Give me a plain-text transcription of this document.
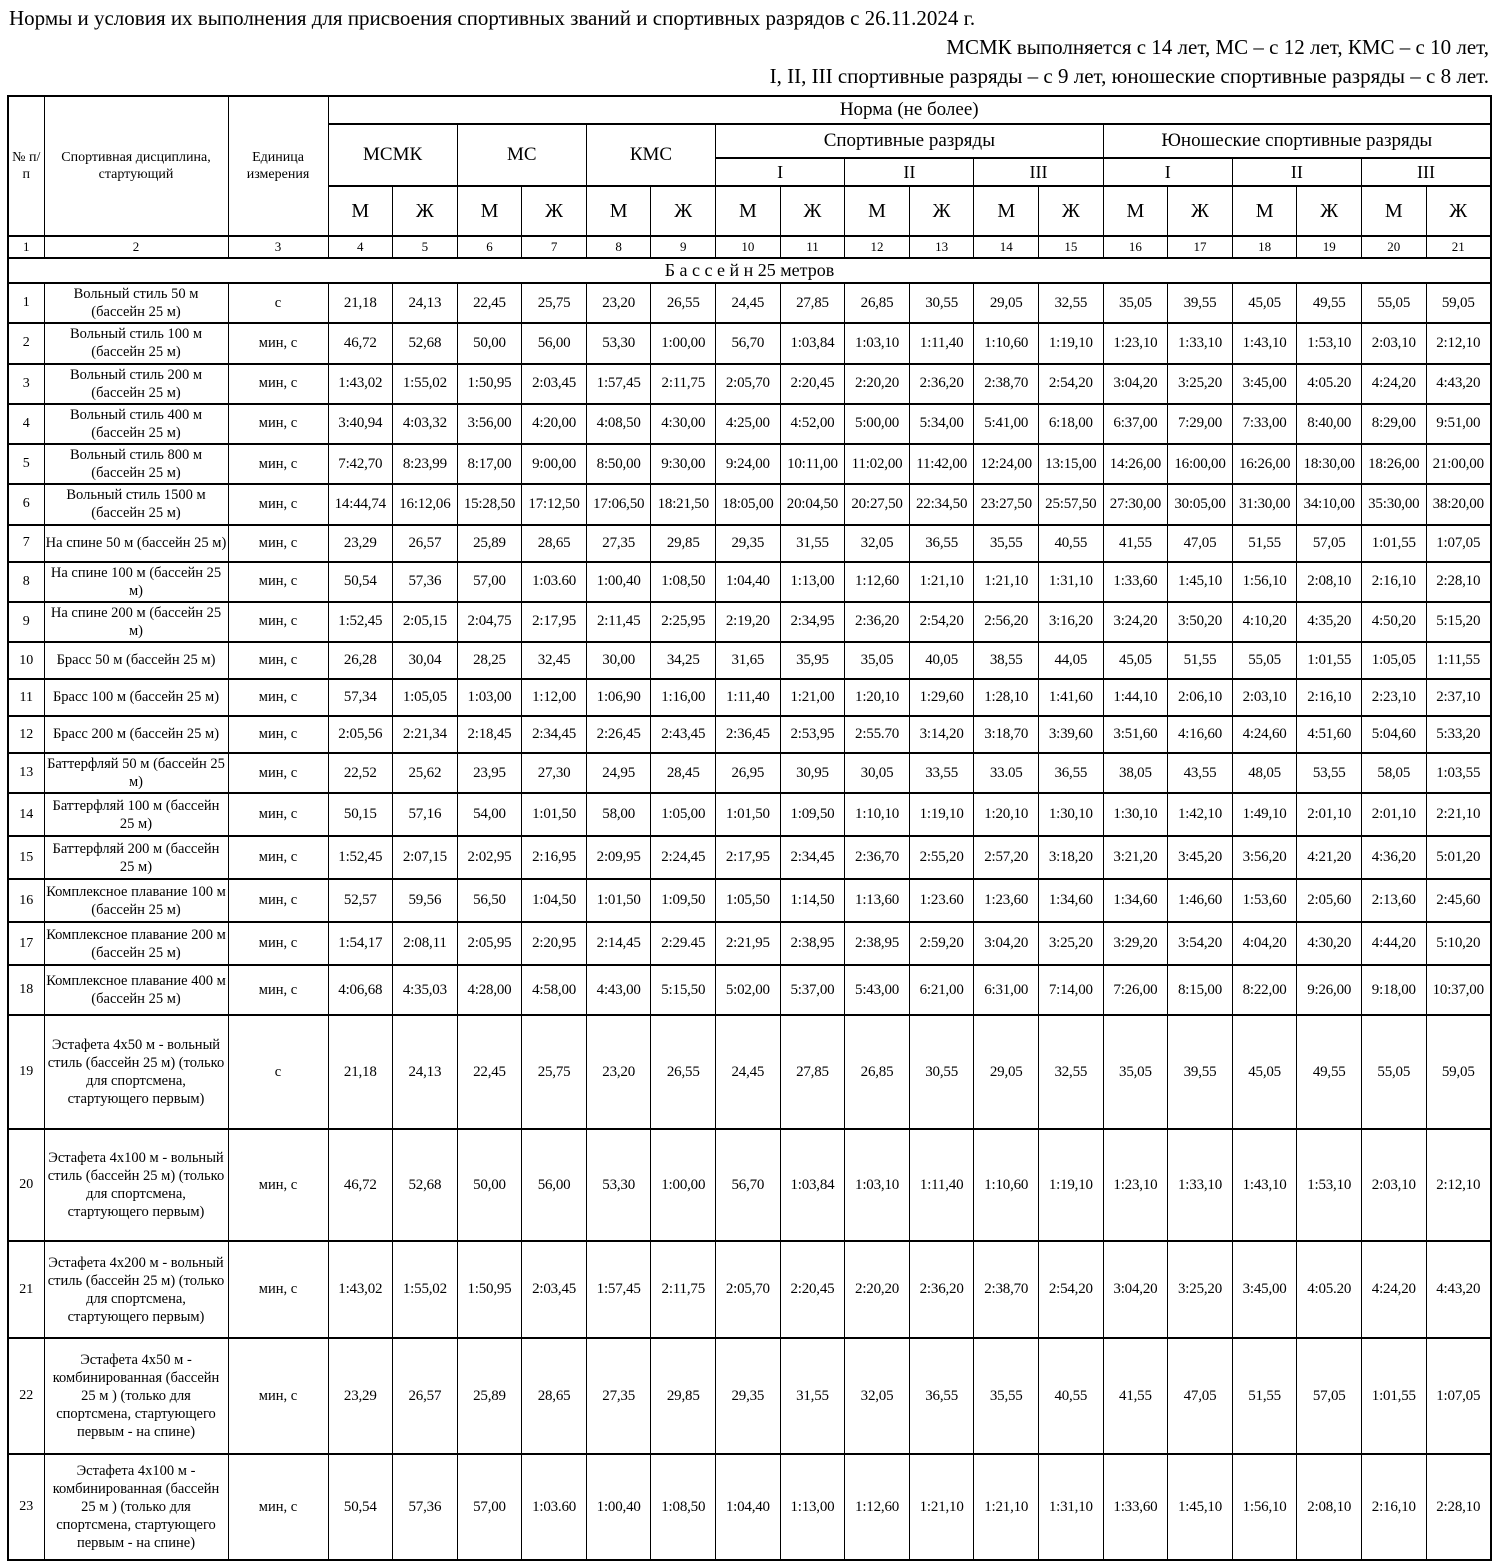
Нормы и условия их выполнения для присвоения спортивных званий и спортивных разрядов с 26.11.2024 г.
МСМК выполняется с 14 лет, МС – с 12 лет, КМС – с 10 лет,
I, II, III спортивные разряды – с 9 лет, юношеские спортивные разряды – с 8 лет.
№ п/п	Спортивная дисциплина, стартующий	Единица измерения	Норма (не более)																	
			МСМК		МС		КМС		Спортивные разряды						Юношеские спортивные разряды					
									I		II		III		I		II		III	
			М	Ж	М	Ж	М	Ж	М	Ж	М	Ж	М	Ж	М	Ж	М	Ж	М	Ж
1	2	3	4	5	6	7	8	9	10	11	12	13	14	15	16	17	18	19	20	21
Б а с с е й н 25 метров																				
1	Вольный стиль 50 м (бассейн 25 м)	с	21,18	24,13	22,45	25,75	23,20	26,55	24,45	27,85	26,85	30,55	29,05	32,55	35,05	39,55	45,05	49,55	55,05	59,05
2	Вольный стиль 100 м (бассейн 25 м)	мин, с	46,72	52,68	50,00	56,00	53,30	1:00,00	56,70	1:03,84	1:03,10	1:11,40	1:10,60	1:19,10	1:23,10	1:33,10	1:43,10	1:53,10	2:03,10	2:12,10
3	Вольный стиль 200 м (бассейн 25 м)	мин, с	1:43,02	1:55,02	1:50,95	2:03,45	1:57,45	2:11,75	2:05,70	2:20,45	2:20,20	2:36,20	2:38,70	2:54,20	3:04,20	3:25,20	3:45,00	4:05.20	4:24,20	4:43,20
4	Вольный стиль 400 м (бассейн 25 м)	мин, с	3:40,94	4:03,32	3:56,00	4:20,00	4:08,50	4:30,00	4:25,00	4:52,00	5:00,00	5:34,00	5:41,00	6:18,00	6:37,00	7:29,00	7:33,00	8:40,00	8:29,00	9:51,00
5	Вольный стиль 800 м (бассейн 25 м)	мин, с	7:42,70	8:23,99	8:17,00	9:00,00	8:50,00	9:30,00	9:24,00	10:11,00	11:02,00	11:42,00	12:24,00	13:15,00	14:26,00	16:00,00	16:26,00	18:30,00	18:26,00	21:00,00
6	Вольный стиль 1500 м (бассейн 25 м)	мин, с	14:44,74	16:12,06	15:28,50	17:12,50	17:06,50	18:21,50	18:05,00	20:04,50	20:27,50	22:34,50	23:27,50	25:57,50	27:30,00	30:05,00	31:30,00	34:10,00	35:30,00	38:20,00
7	На спине 50 м (бассейн 25 м)	мин, с	23,29	26,57	25,89	28,65	27,35	29,85	29,35	31,55	32,05	36,55	35,55	40,55	41,55	47,05	51,55	57,05	1:01,55	1:07,05
8	На спине 100 м (бассейн 25 м)	мин, с	50,54	57,36	57,00	1:03.60	1:00,40	1:08,50	1:04,40	1:13,00	1:12,60	1:21,10	1:21,10	1:31,10	1:33,60	1:45,10	1:56,10	2:08,10	2:16,10	2:28,10
9	На спине 200 м (бассейн 25 м)	мин, с	1:52,45	2:05,15	2:04,75	2:17,95	2:11,45	2:25,95	2:19,20	2:34,95	2:36,20	2:54,20	2:56,20	3:16,20	3:24,20	3:50,20	4:10,20	4:35,20	4:50,20	5:15,20
10	Брасс 50 м (бассейн 25 м)	мин, с	26,28	30,04	28,25	32,45	30,00	34,25	31,65	35,95	35,05	40,05	38,55	44,05	45,05	51,55	55,05	1:01,55	1:05,05	1:11,55
11	Брасс 100 м (бассейн 25 м)	мин, с	57,34	1:05,05	1:03,00	1:12,00	1:06,90	1:16,00	1:11,40	1:21,00	1:20,10	1:29,60	1:28,10	1:41,60	1:44,10	2:06,10	2:03,10	2:16,10	2:23,10	2:37,10
12	Брасс 200 м (бассейн 25 м)	мин, с	2:05,56	2:21,34	2:18,45	2:34,45	2:26,45	2:43,45	2:36,45	2:53,95	2:55.70	3:14,20	3:18,70	3:39,60	3:51,60	4:16,60	4:24,60	4:51,60	5:04,60	5:33,20
13	Баттерфляй 50 м (бассейн 25 м)	мин, с	22,52	25,62	23,95	27,30	24,95	28,45	26,95	30,95	30,05	33,55	33.05	36,55	38,05	43,55	48,05	53,55	58,05	1:03,55
14	Баттерфляй 100 м (бассейн 25 м)	мин, с	50,15	57,16	54,00	1:01,50	58,00	1:05,00	1:01,50	1:09,50	1:10,10	1:19,10	1:20,10	1:30,10	1:30,10	1:42,10	1:49,10	2:01,10	2:01,10	2:21,10
15	Баттерфляй 200 м (бассейн 25 м)	мин, с	1:52,45	2:07,15	2:02,95	2:16,95	2:09,95	2:24,45	2:17,95	2:34,45	2:36,70	2:55,20	2:57,20	3:18,20	3:21,20	3:45,20	3:56,20	4:21,20	4:36,20	5:01,20
16	Комплексное плавание 100 м (бассейн 25 м)	мин, с	52,57	59,56	56,50	1:04,50	1:01,50	1:09,50	1:05,50	1:14,50	1:13,60	1:23.60	1:23,60	1:34,60	1:34,60	1:46,60	1:53,60	2:05,60	2:13,60	2:45,60
17	Комплексное плавание 200 м (бассейн 25 м)	мин, с	1:54,17	2:08,11	2:05,95	2:20,95	2:14,45	2:29.45	2:21,95	2:38,95	2:38,95	2:59,20	3:04,20	3:25,20	3:29,20	3:54,20	4:04,20	4:30,20	4:44,20	5:10,20
18	Комплексное плавание 400 м (бассейн 25 м)	мин, с	4:06,68	4:35,03	4:28,00	4:58,00	4:43,00	5:15,50	5:02,00	5:37,00	5:43,00	6:21,00	6:31,00	7:14,00	7:26,00	8:15,00	8:22,00	9:26,00	9:18,00	10:37,00
19	Эстафета 4х50 м - вольный стиль (бассейн 25 м) (только для спортсмена, стартующего первым)	с	21,18	24,13	22,45	25,75	23,20	26,55	24,45	27,85	26,85	30,55	29,05	32,55	35,05	39,55	45,05	49,55	55,05	59,05
20	Эстафета 4х100 м - вольный стиль (бассейн 25 м) (только для спортсмена, стартующего первым)	мин, с	46,72	52,68	50,00	56,00	53,30	1:00,00	56,70	1:03,84	1:03,10	1:11,40	1:10,60	1:19,10	1:23,10	1:33,10	1:43,10	1:53,10	2:03,10	2:12,10
21	Эстафета 4х200 м - вольный стиль (бассейн 25 м) (только для спортсмена, стартующего первым)	мин, с	1:43,02	1:55,02	1:50,95	2:03,45	1:57,45	2:11,75	2:05,70	2:20,45	2:20,20	2:36,20	2:38,70	2:54,20	3:04,20	3:25,20	3:45,00	4:05.20	4:24,20	4:43,20
22	Эстафета 4х50 м - комбинированная (бассейн 25 м ) (только для спортсмена, стартующего первым - на спине)	мин, с	23,29	26,57	25,89	28,65	27,35	29,85	29,35	31,55	32,05	36,55	35,55	40,55	41,55	47,05	51,55	57,05	1:01,55	1:07,05
23	Эстафета 4х100 м - комбинированная (бассейн 25 м ) (только для спортсмена, стартующего первым - на спине)	мин, с	50,54	57,36	57,00	1:03.60	1:00,40	1:08,50	1:04,40	1:13,00	1:12,60	1:21,10	1:21,10	1:31,10	1:33,60	1:45,10	1:56,10	2:08,10	2:16,10	2:28,10
